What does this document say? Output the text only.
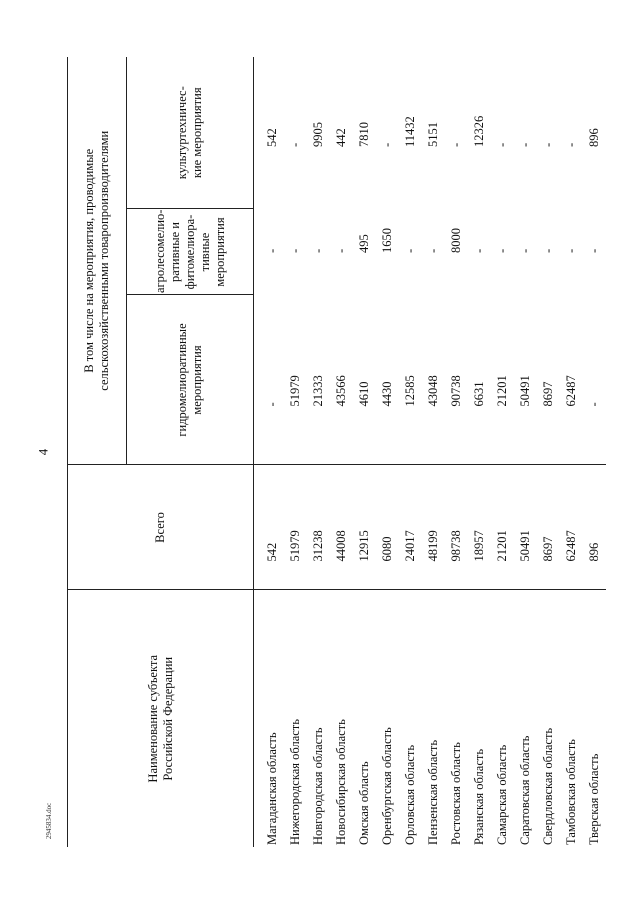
4
2945834.doc
Наименование субъекта Российской Федерации	Всего	В том числе на мероприятия, проводимые сельскохозяйственными товаропроизводителями		
		гидромелиоративные мероприятия	агролесомелио-ративные и фитомелиора-тивные мероприятия	культуртехничес-кие мероприятия
Магаданская область	542	-	-	542
Нижегородская область	51979	51979	-	-
Новгородская область	31238	21333	-	9905
Новосибирская область	44008	43566	-	442
Омская область	12915	4610	495	7810
Оренбургская область	6080	4430	1650	-
Орловская область	24017	12585	-	11432
Пензенская область	48199	43048	-	5151
Ростовская область	98738	90738	8000	-
Рязанская область	18957	6631	-	12326
Самарская область	21201	21201	-	-
Саратовская область	50491	50491	-	-
Свердловская область	8697	8697	-	-
Тамбовская область	62487	62487	-	-
Тверская область	896	-	-	896
